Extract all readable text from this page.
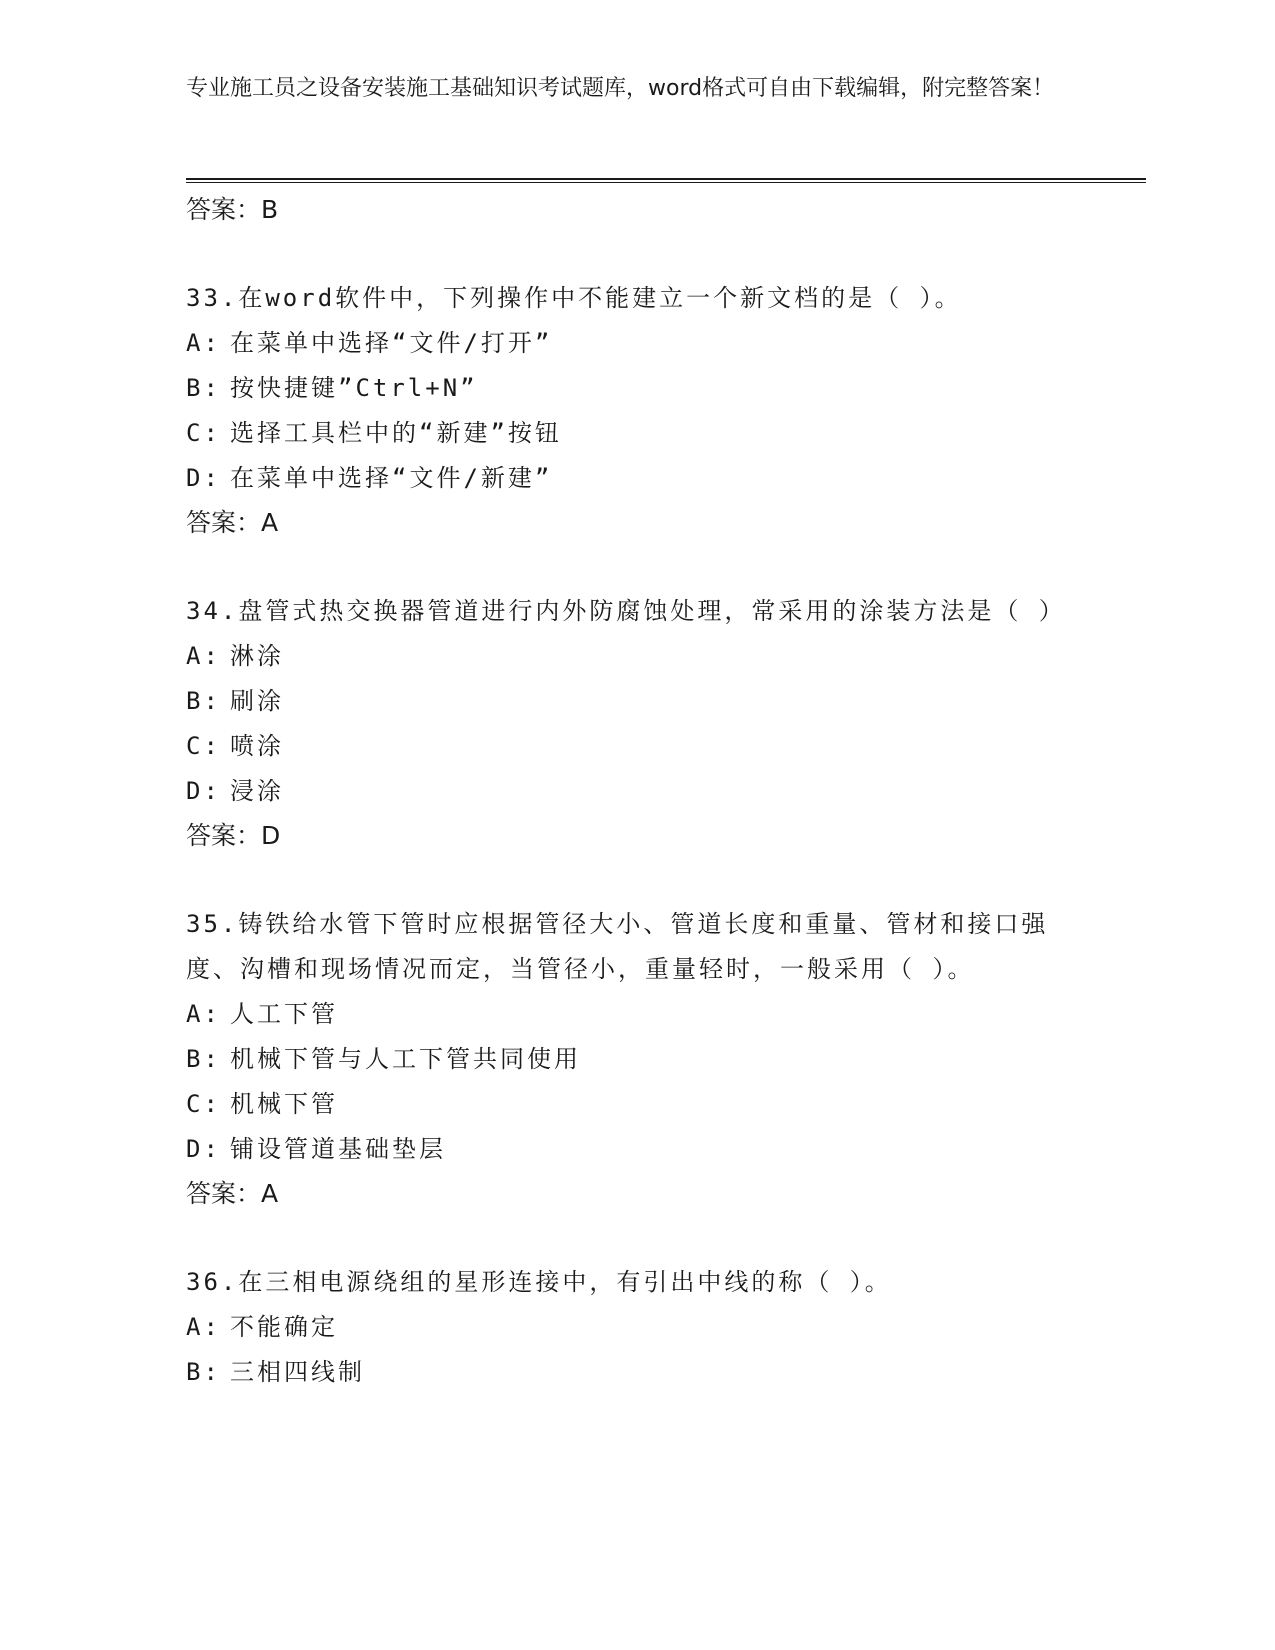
专业施工员之设备安装施工基础知识考试题库，word格式可自由下载编辑，附完整答案！
答案：B
33.在word软件中，下列操作中不能建立一个新文档的是（ ）。
A: 在菜单中选择“文件/打开”
B: 按快捷键”Ctrl+N”
C: 选择工具栏中的“新建”按钮
D: 在菜单中选择“文件/新建”
答案：A
34.盘管式热交换器管道进行内外防腐蚀处理，常采用的涂装方法是（ ）
A: 淋涂
B: 刷涂
C: 喷涂
D: 浸涂
答案：D
35.铸铁给水管下管时应根据管径大小、管道长度和重量、管材和接口强度、沟槽和现场情况而定，当管径小，重量轻时，一般采用（ ）。
A: 人工下管
B: 机械下管与人工下管共同使用
C: 机械下管
D: 铺设管道基础垫层
答案：A
36.在三相电源绕组的星形连接中，有引出中线的称（ ）。
A: 不能确定
B: 三相四线制
